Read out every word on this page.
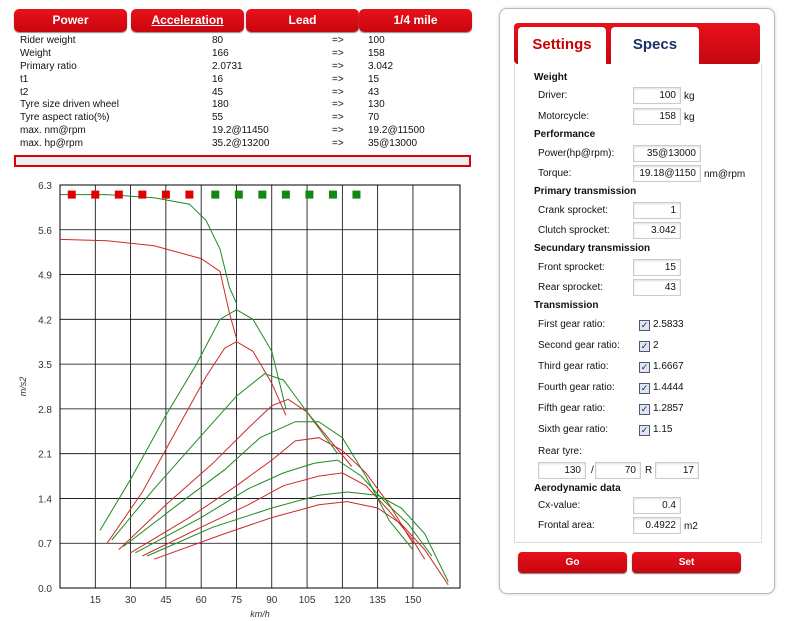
Power	Acceleration	Lead	1/4 mile
Rider weight	80	=> 100
Weight	166	=> 158
Primary ratio	2.0731	=> 3.042
t1	16	=> 15
t2	45	=> 43
Tyre size driven wheel	180	=> 130
Tyre aspect ratio(%)	55	=> 70
max. nm@rpm	19.2@11450	=> 19.2@11500
max. hp@rpm	35.2@13200	=> 35@13000
15 30 45 60 75 90 105 120 135 150
0.0
0.7
1.4
2.1
2.8
3.5
4.2
4.9
5.6
6.3
km/h
m/s2
Settings	Specs
Weight
Driver:	100 kg
Motorcycle:	158 kg
Performance
Power(hp@rpm):	35@13000
Torque:	19.18@1150 nm@rpm
Primary transmission
Crank sprocket:	1
Clutch sprocket:	3.042
Secundary transmission
Front sprocket:	15
Rear sprocket:	43
Transmission
First gear ratio:	✓ 2.5833
Second gear ratio: ✓ 2
Third gear ratio:	✓ 1.6667
Fourth gear ratio:	✓ 1.4444
Fifth gear ratio:	✓ 1.2857
Sixth gear ratio:	✓ 1.15
Rear tyre:
130	/	70 R	17
Aerodynamic data
Cx-value:	0.4
Frontal area:	0.4922 m2
Go	Set
